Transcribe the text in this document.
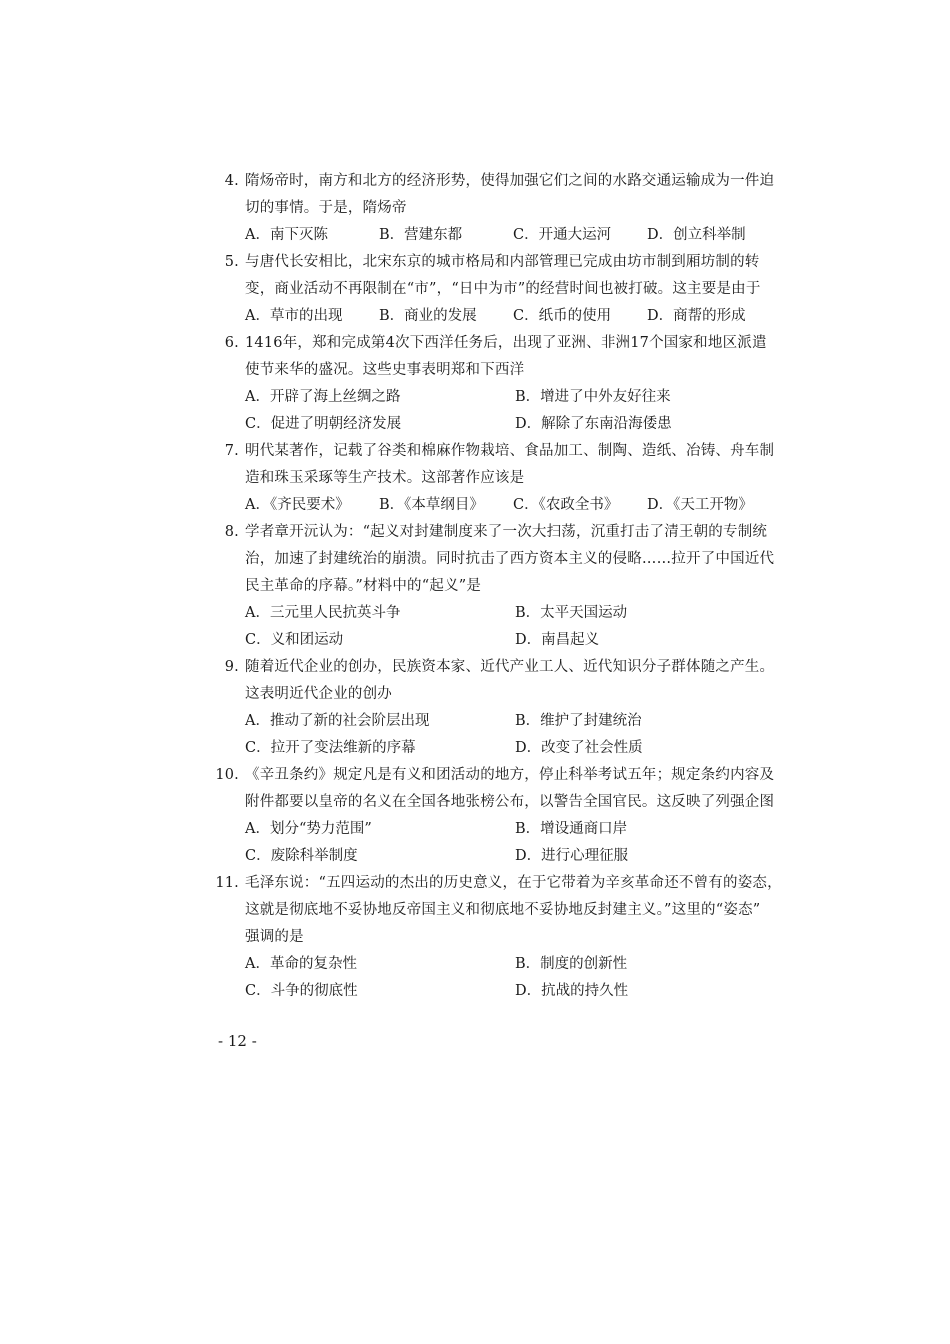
4. 隋炀帝时，南方和北方的经济形势，使得加强它们之间的水路交通运输成为一件迫
切的事情。于是，隋炀帝
A．南下灭陈	B．营建东都	C．开通大运河	D．创立科举制
5. 与唐代长安相比，北宋东京的城市格局和内部管理已完成由坊市制到厢坊制的转
变，商业活动不再限制在“市”，“日中为市”的经营时间也被打破。这主要是由于
A．草市的出现	B．商业的发展	C．纸币的使用	D．商帮的形成
6. 1416年，郑和完成第4次下西洋任务后，出现了亚洲、非洲17个国家和地区派遣
使节来华的盛况。这些史事表明郑和下西洋
A．开辟了海上丝绸之路	B．增进了中外友好往来
C．促进了明朝经济发展	D．解除了东南沿海倭患
7. 明代某著作，记载了谷类和棉麻作物栽培、食品加工、制陶、造纸、冶铸、舟车制
造和珠玉采琢等生产技术。这部著作应该是
A．《齐民要术》	B．《本草纲目》	C．《农政全书》	D．《天工开物》
8. 学者章开沅认为：“起义对封建制度来了一次大扫荡，沉重打击了清王朝的专制统
治，加速了封建统治的崩溃。同时抗击了西方资本主义的侵略……拉开了中国近代
民主革命的序幕。”材料中的“起义”是
A．三元里人民抗英斗争	B．太平天国运动
C．义和团运动	D．南昌起义
9. 随着近代企业的创办，民族资本家、近代产业工人、近代知识分子群体随之产生。
这表明近代企业的创办
A．推动了新的社会阶层出现	B．维护了封建统治
C．拉开了变法维新的序幕	D．改变了社会性质
10. 《辛丑条约》规定凡是有义和团活动的地方，停止科举考试五年；规定条约内容及
附件都要以皇帝的名义在全国各地张榜公布，以警告全国官民。这反映了列强企图
A．划分“势力范围”	B．增设通商口岸
C．废除科举制度	D．进行心理征服
11. 毛泽东说：“五四运动的杰出的历史意义，在于它带着为辛亥革命还不曾有的姿态，
这就是彻底地不妥协地反帝国主义和彻底地不妥协地反封建主义。”这里的“姿态”
强调的是
A．革命的复杂性	B．制度的创新性
C．斗争的彻底性	D．抗战的持久性
- 12 -
